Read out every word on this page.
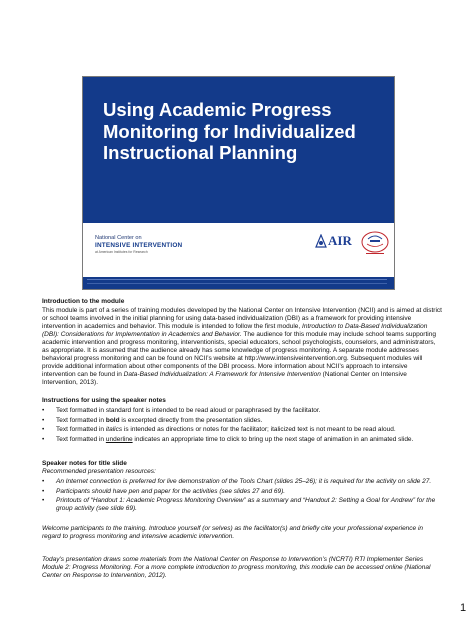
Using Academic Progress Monitoring for Individualized Instructional Planning
National Center on
INTENSIVE INTERVENTION
at American Institutes for Research
AIR
Introduction to the module

This module is part of a series of training modules developed by the National Center on Intensive Intervention (NCII) and is aimed at district or school teams involved in the initial planning for using data-based individualization (DBI) as a framework for providing intensive intervention in academics and behavior. This module is intended to follow the first module, Introduction to Data-Based Individualization (DBI): Considerations for Implementation in Academics and Behavior. The audience for this module may include school teams supporting academic intervention and progress monitoring, interventionists, special educators, school psychologists, counselors, and administrators, as appropriate. It is assumed that the audience already has some knowledge of progress monitoring. A separate module addresses behavioral progress monitoring and can be found on NCII’s website at http://www.intensiveintervention.org. Subsequent modules will provide additional information about other components of the DBI process. More information about NCII’s approach to intensive intervention can be found in Data-Based Individualization: A Framework for Intensive Intervention (National Center on Intensive Intervention, 2013).

Instructions for using the speaker notes
• Text formatted in standard font is intended to be read aloud or paraphrased by the facilitator.
• Text formatted in bold is excerpted directly from the presentation slides.
• Text formatted in italics is intended as directions or notes for the facilitator; italicized text is not meant to be read aloud.
• Text formatted in underline indicates an appropriate time to click to bring up the next stage of animation in an animated slide.
Speaker notes for title slide

Recommended presentation resources:

• An Internet connection is preferred for live demonstration of the Tools Chart (slides 25–26); it is required for the activity on slide 27.
• Participants should have pen and paper for the activities (see slides 27 and 69).
• Printouts of “Handout 1: Academic Progress Monitoring Overview” as a summary and “Handout 2: Setting a Goal for Andrew” for the group activity (see slide 69).

Welcome participants to the training. Introduce yourself (or selves) as the facilitator(s) and briefly cite your professional experience in regard to progress monitoring and intensive academic intervention.

Today’s presentation draws some materials from the National Center on Response to Intervention’s (NCRTI) RTI Implementer Series Module 2: Progress Monitoring. For a more complete introduction to progress monitoring, this module can be accessed online (National Center on Response to Intervention, 2012).

1
